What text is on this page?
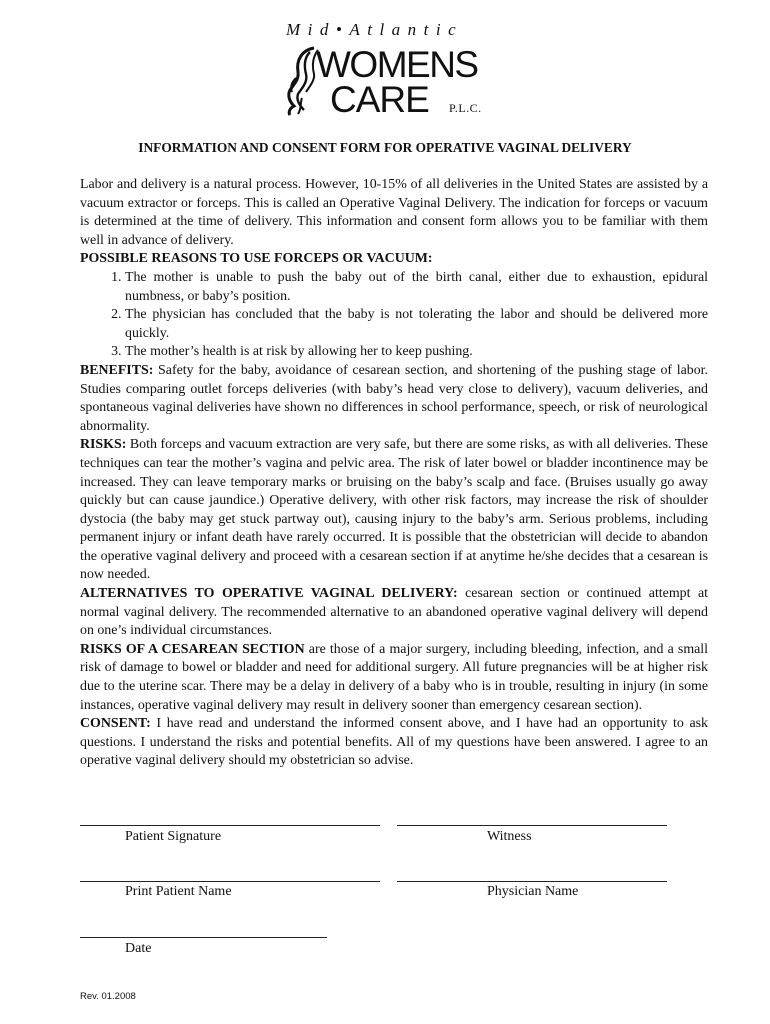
Mid•Atlantic
WOMENS
CARE P.L.C.
INFORMATION AND CONSENT FORM FOR OPERATIVE VAGINAL DELIVERY

Labor and delivery is a natural process. However, 10-15% of all deliveries in the United States are assisted by a vacuum extractor or forceps. This is called an Operative Vaginal Delivery. The indication for forceps or vacuum is determined at the time of delivery. This information and consent form allows you to be familiar with them well in advance of delivery.

POSSIBLE REASONS TO USE FORCEPS OR VACUUM:

1. The mother is unable to push the baby out of the birth canal, either due to exhaustion, epidural numbness, or baby’s position.
2. The physician has concluded that the baby is not tolerating the labor and should be delivered more quickly.
3. The mother’s health is at risk by allowing her to keep pushing.

BENEFITS: Safety for the baby, avoidance of cesarean section, and shortening of the pushing stage of labor. Studies comparing outlet forceps deliveries (with baby’s head very close to delivery), vacuum deliveries, and spontaneous vaginal deliveries have shown no differences in school performance, speech, or risk of neurological abnormality.

RISKS: Both forceps and vacuum extraction are very safe, but there are some risks, as with all deliveries. These techniques can tear the mother’s vagina and pelvic area. The risk of later bowel or bladder incontinence may be increased. They can leave temporary marks or bruising on the baby’s scalp and face. (Bruises usually go away quickly but can cause jaundice.) Operative delivery, with other risk factors, may increase the risk of shoulder dystocia (the baby may get stuck partway out), causing injury to the baby’s arm. Serious problems, including permanent injury or infant death have rarely occurred. It is possible that the obstetrician will decide to abandon the operative vaginal delivery and proceed with a cesarean section if at anytime he/she decides that a cesarean is now needed.

ALTERNATIVES TO OPERATIVE VAGINAL DELIVERY: cesarean section or continued attempt at normal vaginal delivery. The recommended alternative to an abandoned operative vaginal delivery will depend on one’s individual circumstances.

RISKS OF A CESAREAN SECTION are those of a major surgery, including bleeding, infection, and a small risk of damage to bowel or bladder and need for additional surgery. All future pregnancies will be at higher risk due to the uterine scar. There may be a delay in delivery of a baby who is in trouble, resulting in injury (in some instances, operative vaginal delivery may result in delivery sooner than emergency cesarean section).

CONSENT: I have read and understand the informed consent above, and I have had an opportunity to ask questions. I understand the risks and potential benefits. All of my questions have been answered. I agree to an operative vaginal delivery should my obstetrician so advise.

Patient Signature	Witness
Print Patient Name	Physician Name
Date
Rev. 01.2008
